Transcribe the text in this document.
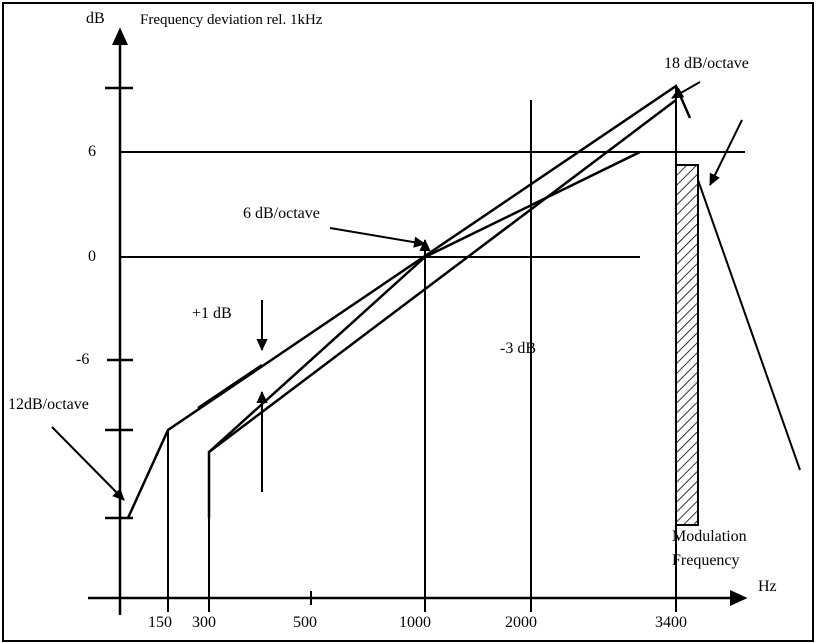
dB Frequency deviation rel. 1kHz
Hz
6
0
-6
150 300	500	1000	2000	3400
18 dB/octave
6 dB/octave
12dB/octave
+1 dB
-3 dB
Modulation
Frequency
